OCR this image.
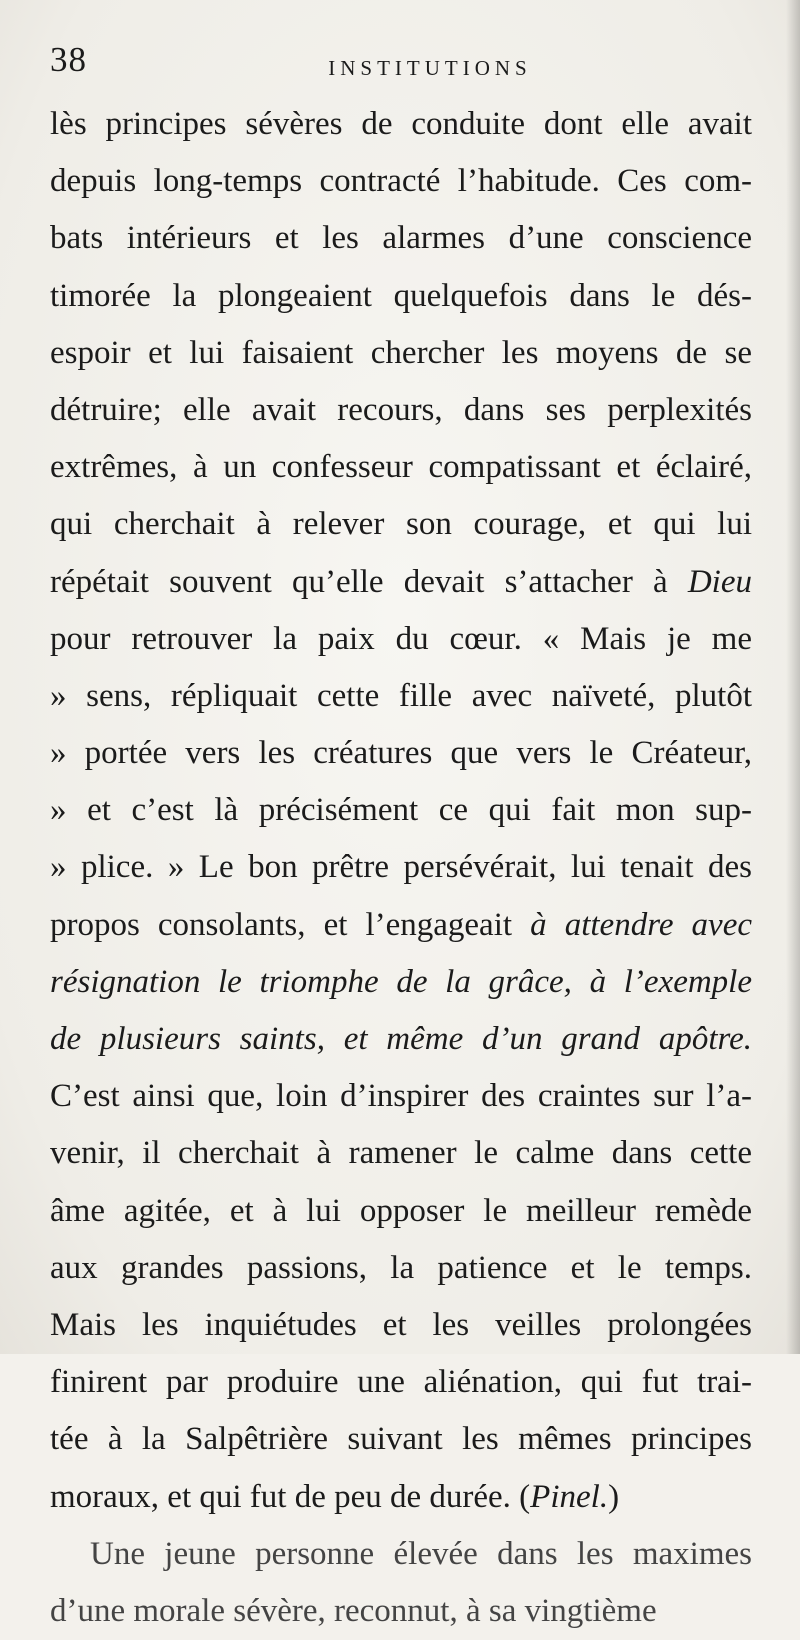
38	INSTITUTIONS
lès principes sévères de conduite dont elle avait
depuis long-temps contracté l’habitude. Ces com-
bats intérieurs et les alarmes d’une conscience
timorée la plongeaient quelquefois dans le dés-
espoir et lui faisaient chercher les moyens de se
détruire; elle avait recours, dans ses perplexités
extrêmes, à un confesseur compatissant et éclairé,
qui cherchait à relever son courage, et qui lui
répétait souvent qu’elle devait s’attacher à Dieu
pour retrouver la paix du cœur. « Mais je me
» sens, répliquait cette fille avec naïveté, plutôt
» portée vers les créatures que vers le Créateur,
» et c’est là précisément ce qui fait mon sup-
» plice. » Le bon prêtre persévérait, lui tenait des
propos consolants, et l’engageait à attendre avec
résignation le triomphe de la grâce, à l’exemple
de plusieurs saints, et même d’un grand apôtre.
C’est ainsi que, loin d’inspirer des craintes sur l’a-
venir, il cherchait à ramener le calme dans cette
âme agitée, et à lui opposer le meilleur remède
aux grandes passions, la patience et le temps.
Mais les inquiétudes et les veilles prolongées
finirent par produire une aliénation, qui fut trai-
tée à la Salpêtrière suivant les mêmes principes
moraux, et qui fut de peu de durée. (Pinel.)
Une jeune personne élevée dans les maximes
d’une morale sévère, reconnut, à sa vingtième
